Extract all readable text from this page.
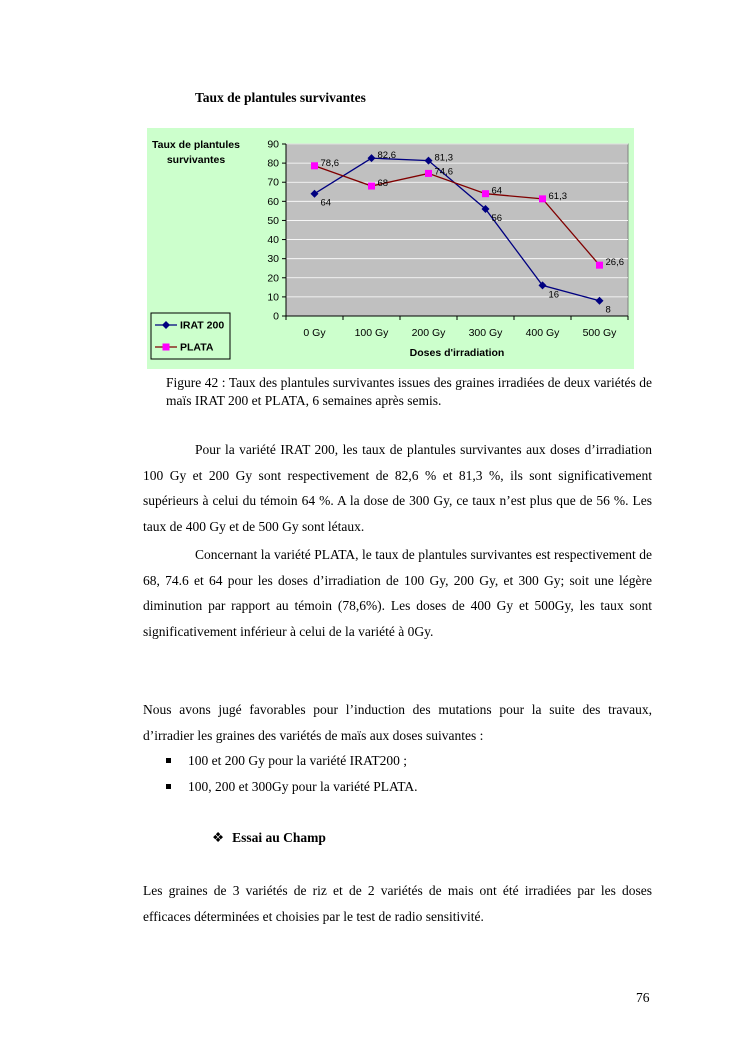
Taux de plantules survivantes
Taux de plantules
survivantes
0
10
20
30
40
50
60
70
80
90
0 Gy	100 Gy 200 Gy 300 Gy 400 Gy 500 Gy
64
82,6	81,3
56
16
8
78,6
68
74,6
64	61,3
26,6
IRAT 200
PLATA	Doses d'irradiation
Figure 42 : Taux des plantules survivantes issues des graines irradiées de deux variétés de maïs IRAT 200 et PLATA, 6 semaines après semis.

Pour la variété IRAT 200, les taux de plantules survivantes aux doses d’irradiation 100 Gy et 200 Gy sont respectivement de 82,6 % et 81,3 %, ils sont significativement supérieurs à celui du témoin 64 %. A la dose de 300 Gy, ce taux n’est plus que de 56 %. Les taux de 400 Gy et de 500 Gy sont létaux.

Concernant la variété PLATA, le taux de plantules survivantes est respectivement de 68, 74.6 et 64 pour les doses d’irradiation de 100 Gy, 200 Gy, et 300 Gy; soit une légère diminution par rapport au témoin (78,6%). Les doses de 400 Gy et 500Gy, les taux sont significativement inférieur à celui de la variété à 0Gy.

Nous avons jugé favorables pour l’induction des mutations pour la suite des travaux, d’irradier les graines des variétés de maïs aux doses suivantes :

100 et 200 Gy pour la variété IRAT200 ;
100, 200 et 300Gy pour la variété PLATA.
❖ Essai au Champ

Les graines de 3 variétés de riz et de 2 variétés de mais ont été irradiées par les doses efficaces déterminées et choisies par le test de radio sensitivité.

76
